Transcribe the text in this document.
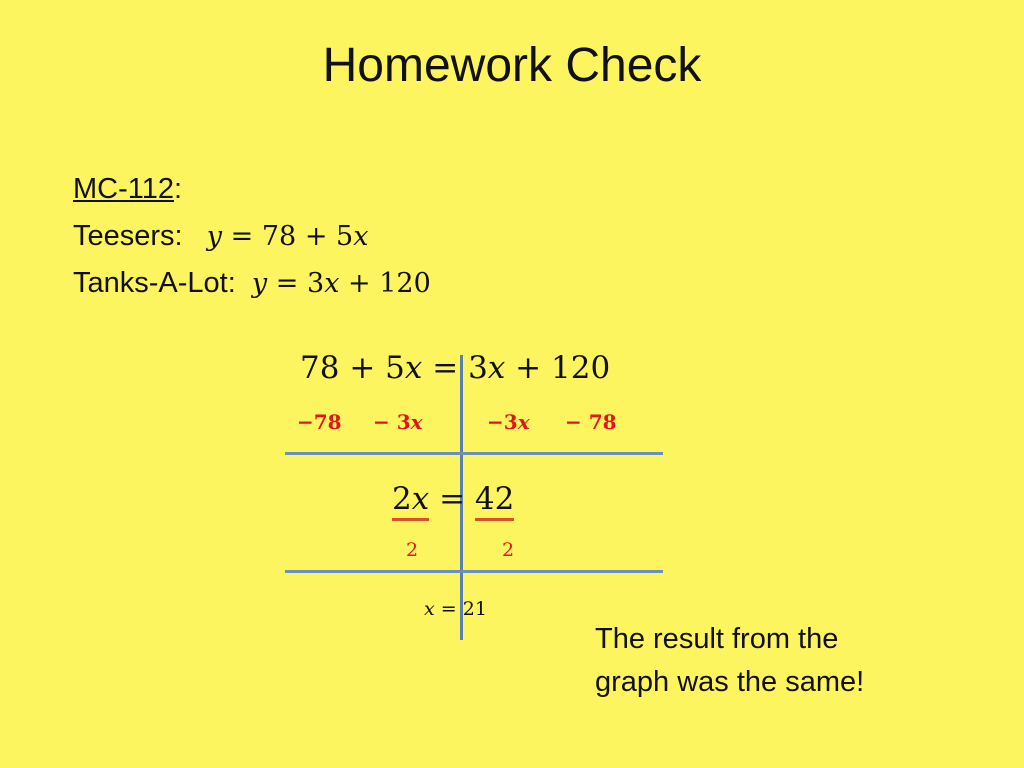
Homework Check
MC-112:
Teesers: y = 78 + 5x
Tanks-A-Lot: y = 3x + 120
78 + 5x = 3x + 120
−78 − 3x	−3x − 78
2x = 42
2	2
x = 21
The result from the
graph was the same!
